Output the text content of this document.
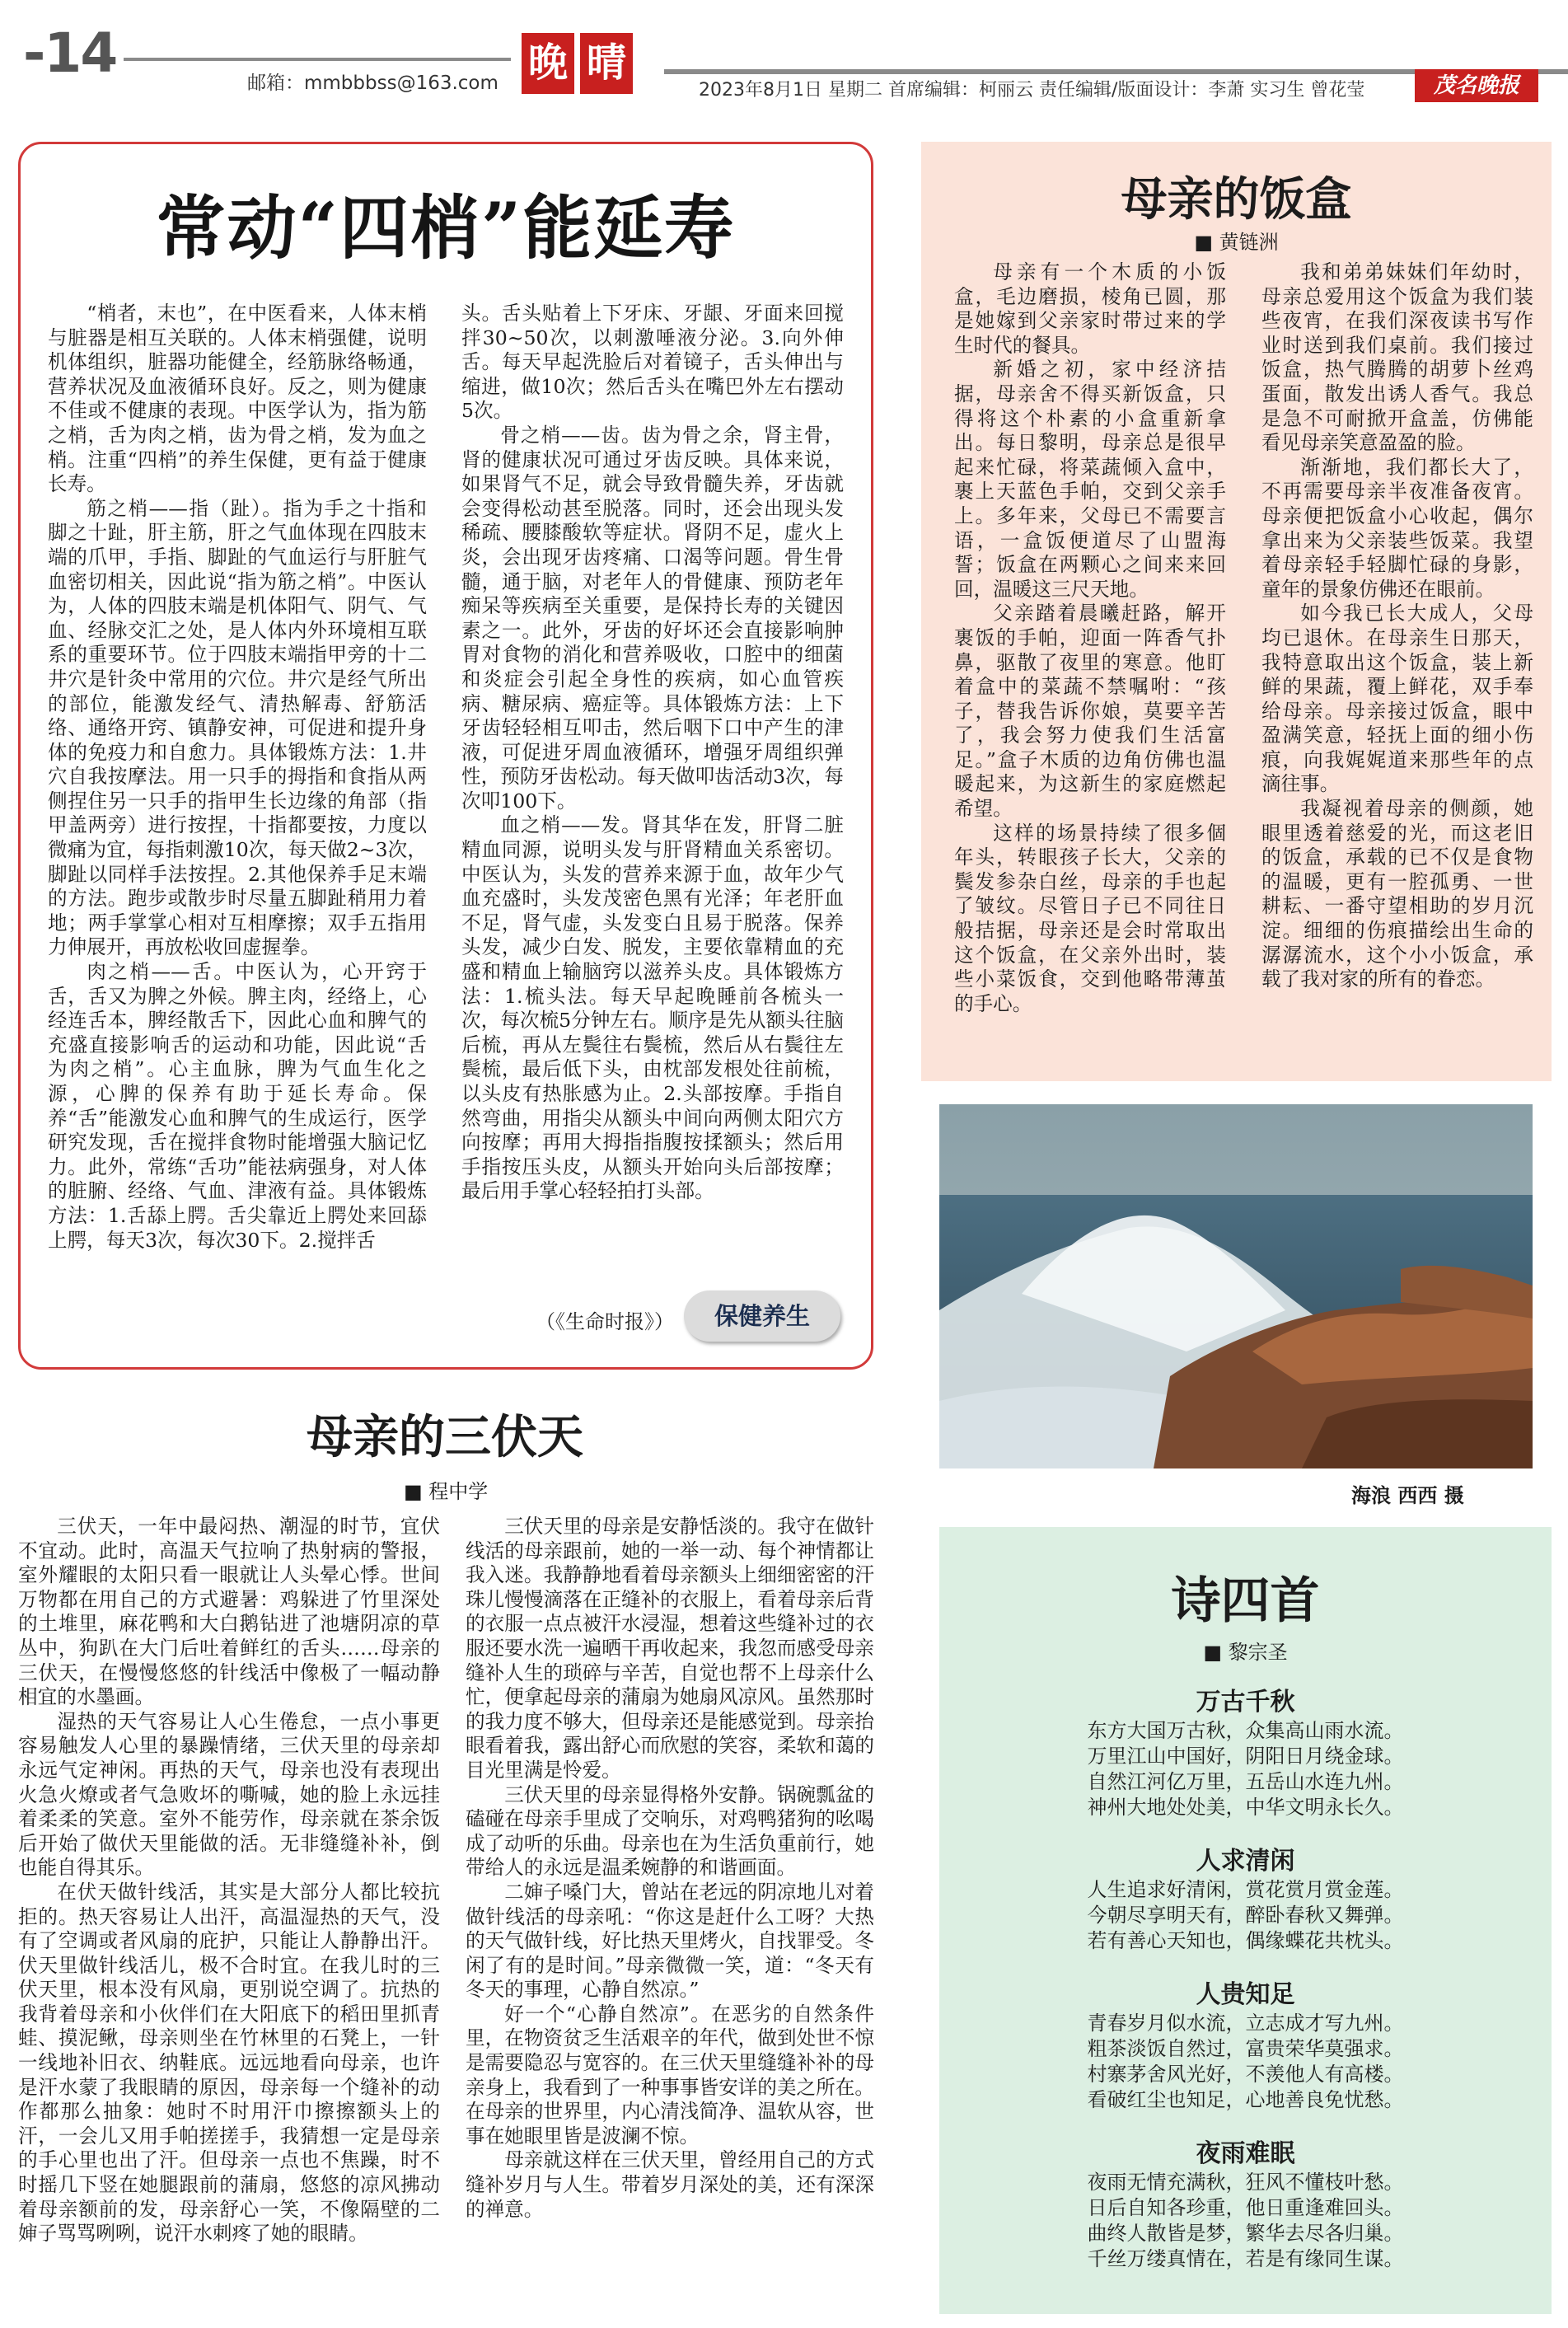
-14	邮箱：mmbbbss@163.com 晚 晴
2023年8月1日 星期二 首席编辑：柯丽云 责任编辑/版面设计：李萧 实习生 曾花莹	茂名晚报
常动“四梢”能延寿

“梢者，末也”，在中医看来，人体末梢与脏器是相互关联的。人体末梢强健，说明机体组织，脏器功能健全，经筋脉络畅通，营养状况及血液循环良好。反之，则为健康不佳或不健康的表现。中医学认为，指为筋之梢，舌为肉之梢，齿为骨之梢，发为血之梢。注重“四梢”的养生保健，更有益于健康长寿。

筋之梢——指（趾）。指为手之十指和脚之十趾，肝主筋，肝之气血体现在四肢末端的爪甲，手指、脚趾的气血运行与肝脏气血密切相关，因此说“指为筋之梢”。中医认为，人体的四肢末端是机体阳气、阴气、气血、经脉交汇之处，是人体内外环境相互联系的重要环节。位于四肢末端指甲旁的十二井穴是针灸中常用的穴位。井穴是经气所出的部位，能激发经气、清热解毒、舒筋活络、通络开窍、镇静安神，可促进和提升身体的免疫力和自愈力。具体锻炼方法：1.井穴自我按摩法。用一只手的拇指和食指从两侧捏住另一只手的指甲生长边缘的角部（指甲盖两旁）进行按捏，十指都要按，力度以微痛为宜，每指刺激10次，每天做2~3次，脚趾以同样手法按捏。2.其他保养手足末端的方法。跑步或散步时尽量五脚趾稍用力着地；两手掌掌心相对互相摩擦；双手五指用力伸展开，再放松收回虚握拳。

肉之梢——舌。中医认为，心开窍于舌，舌又为脾之外候。脾主肉，经络上，心经连舌本，脾经散舌下，因此心血和脾气的充盛直接影响舌的运动和功能，因此说“舌为肉之梢”。心主血脉，脾为气血生化之源，心脾的保养有助于延长寿命。保养“舌”能激发心血和脾气的生成运行，医学研究发现，舌在搅拌食物时能增强大脑记忆力。此外，常练“舌功”能祛病强身，对人体的脏腑、经络、气血、津液有益。具体锻炼方法：1.舌舔上腭。舌尖靠近上腭处来回舔上腭，每天3次，每次30下。2.搅拌舌

头。舌头贴着上下牙床、牙龈、牙面来回搅拌30~50次，以刺激唾液分泌。3.向外伸舌。每天早起洗脸后对着镜子，舌头伸出与缩进，做10次；然后舌头在嘴巴外左右摆动5次。

骨之梢——齿。齿为骨之余，肾主骨，肾的健康状况可通过牙齿反映。具体来说，如果肾气不足，就会导致骨髓失养，牙齿就会变得松动甚至脱落。同时，还会出现头发稀疏、腰膝酸软等症状。肾阴不足，虚火上炎，会出现牙齿疼痛、口渴等问题。骨生骨髓，通于脑，对老年人的骨健康、预防老年痴呆等疾病至关重要，是保持长寿的关键因素之一。此外，牙齿的好坏还会直接影响肿胃对食物的消化和营养吸收，口腔中的细菌和炎症会引起全身性的疾病，如心血管疾病、糖尿病、癌症等。具体锻炼方法：上下牙齿轻轻相互叩击，然后咽下口中产生的津液，可促进牙周血液循环，增强牙周组织弹性，预防牙齿松动。每天做叩齿活动3次，每次叩100下。

血之梢——发。肾其华在发，肝肾二脏精血同源，说明头发与肝肾精血关系密切。中医认为，头发的营养来源于血，故年少气血充盛时，头发茂密色黑有光泽；年老肝血不足，肾气虚，头发变白且易于脱落。保养头发，减少白发、脱发，主要依靠精血的充盛和精血上输脑窍以滋养头皮。具体锻炼方法：1.梳头法。每天早起晚睡前各梳头一次，每次梳5分钟左右。顺序是先从额头往脑后梳，再从左鬓往右鬓梳，然后从右鬓往左鬓梳，最后低下头，由枕部发根处往前梳，以头皮有热胀感为止。2.头部按摩。手指自然弯曲，用指尖从额头中间向两侧太阳穴方向按摩；再用大拇指指腹按揉额头；然后用手指按压头皮，从额头开始向头后部按摩；最后用手掌心轻轻拍打头部。

（《生命时报》）	保健养生
母亲的饭盒
■ 黄链洲

母亲有一个木质的小饭盒，毛边磨损，棱角已圆，那是她嫁到父亲家时带过来的学生时代的餐具。

新婚之初，家中经济拮据，母亲舍不得买新饭盒，只得将这个朴素的小盒重新拿出。每日黎明，母亲总是很早起来忙碌，将菜蔬倾入盒中，裹上天蓝色手帕，交到父亲手上。多年来，父母已不需要言语，一盒饭便道尽了山盟海誓；饭盒在两颗心之间来来回回，温暖这三尺天地。

父亲踏着晨曦赶路，解开裹饭的手帕，迎面一阵香气扑鼻，驱散了夜里的寒意。他盯着盒中的菜蔬不禁嘱咐：“孩子，替我告诉你娘，莫要辛苦了，我会努力使我们生活富足。”盒子木质的边角仿佛也温暖起来，为这新生的家庭燃起希望。

这样的场景持续了很多個年头，转眼孩子长大，父亲的鬓发参杂白丝，母亲的手也起了皱纹。尽管日子已不同往日般拮据，母亲还是会时常取出这个饭盒，在父亲外出时，装些小菜饭食，交到他略带薄茧的手心。

我和弟弟妹妹们年幼时，母亲总爱用这个饭盒为我们装些夜宵，在我们深夜读书写作业时送到我们桌前。我们接过饭盒，热气腾腾的胡萝卜丝鸡蛋面，散发出诱人香气。我总是急不可耐掀开盒盖，仿佛能看见母亲笑意盈盈的脸。

渐渐地，我们都长大了，不再需要母亲半夜准备夜宵。母亲便把饭盒小心收起，偶尔拿出来为父亲装些饭菜。我望着母亲轻手轻脚忙碌的身影，童年的景象仿佛还在眼前。

如今我已长大成人，父母均已退休。在母亲生日那天，我特意取出这个饭盒，装上新鲜的果蔬，覆上鲜花，双手奉给母亲。母亲接过饭盒，眼中盈满笑意，轻抚上面的细小伤痕，向我娓娓道来那些年的点滴往事。

我凝视着母亲的侧颜，她眼里透着慈爱的光，而这老旧的饭盒，承载的已不仅是食物的温暖，更有一腔孤勇、一世耕耘、一番守望相助的岁月沉淀。细细的伤痕描绘出生命的潺潺流水，这个小小饭盒，承载了我对家的所有的眷恋。

海浪 西西 摄
母亲的三伏天
■ 程中学

三伏天，一年中最闷热、潮湿的时节，宜伏不宜动。此时，高温天气拉响了热射病的警报，室外耀眼的太阳只看一眼就让人头晕心悸。世间万物都在用自己的方式避暑：鸡躲进了竹里深处的土堆里，麻花鸭和大白鹅钻进了池塘阴凉的草丛中，狗趴在大门后吐着鲜红的舌头……母亲的三伏天，在慢慢悠悠的针线活中像极了一幅动静相宜的水墨画。

湿热的天气容易让人心生倦怠，一点小事更容易触发人心里的暴躁情绪，三伏天里的母亲却永远气定神闲。再热的天气，母亲也没有表现出火急火燎或者气急败坏的嘶喊，她的脸上永远挂着柔柔的笑意。室外不能劳作，母亲就在茶余饭后开始了做伏天里能做的活。无非缝缝补补，倒也能自得其乐。

在伏天做针线活，其实是大部分人都比较抗拒的。热天容易让人出汗，高温湿热的天气，没有了空调或者风扇的庇护，只能让人静静出汗。伏天里做针线活儿，极不合时宜。在我儿时的三伏天里，根本没有风扇，更别说空调了。抗热的我背着母亲和小伙伴们在大阳底下的稻田里抓青蛙、摸泥鳅，母亲则坐在竹林里的石凳上，一针一线地补旧衣、纳鞋底。远远地看向母亲，也许是汗水蒙了我眼睛的原因，母亲每一个缝补的动作都那么抽象：她时不时用汗巾擦擦额头上的汗，一会儿又用手帕搓搓手，我猜想一定是母亲的手心里也出了汗。但母亲一点也不焦躁，时不时摇几下竖在她腿跟前的蒲扇，悠悠的凉风拂动着母亲额前的发，母亲舒心一笑，不像隔壁的二婶子骂骂咧咧，说汗水刺疼了她的眼睛。

三伏天里的母亲是安静恬淡的。我守在做针线活的母亲跟前，她的一举一动、每个神情都让我入迷。我静静地看着母亲额头上细细密密的汗珠儿慢慢滴落在正缝补的衣服上，看着母亲后背的衣服一点点被汗水浸湿，想着这些缝补过的衣服还要水洗一遍晒干再收起来，我忽而感受母亲缝补人生的琐碎与辛苦，自觉也帮不上母亲什么忙，便拿起母亲的蒲扇为她扇风凉风。虽然那时的我力度不够大，但母亲还是能感觉到。母亲抬眼看着我，露出舒心而欣慰的笑容，柔软和蔼的目光里满是怜爱。

三伏天里的母亲显得格外安静。锅碗瓢盆的磕碰在母亲手里成了交响乐，对鸡鸭猪狗的吆喝成了动听的乐曲。母亲也在为生活负重前行，她带给人的永远是温柔婉静的和谐画面。

二婶子嗓门大，曾站在老远的阴凉地儿对着做针线活的母亲吼：“你这是赶什么工呀？大热的天气做针线，好比热天里烤火，自找罪受。冬闲了有的是时间。”母亲微微一笑，道：“冬天有冬天的事理，心静自然凉。”

好一个“心静自然凉”。在恶劣的自然条件里，在物资贫乏生活艰辛的年代，做到处世不惊是需要隐忍与宽容的。在三伏天里缝缝补补的母亲身上，我看到了一种事事皆安详的美之所在。在母亲的世界里，内心清浅简净、温软从容，世事在她眼里皆是波澜不惊。

母亲就这样在三伏天里，曾经用自己的方式缝补岁月与人生。带着岁月深处的美，还有深深的禅意。

诗四首
■ 黎宗圣
万古千秋
东方大国万古秋，众集高山雨水流。
万里江山中国好，阴阳日月绕金球。
自然江河亿万里，五岳山水连九州。
神州大地处处美，中华文明永长久。
人求清闲
人生追求好清闲，赏花赏月赏金莲。
今朝尽享明天有，醉卧春秋又舞弹。
若有善心天知也，偶缘蝶花共枕头。
人贵知足
青春岁月似水流，立志成才写九州。
粗茶淡饭自然过，富贵荣华莫强求。
村寨茅舍风光好，不羡他人有高楼。
看破红尘也知足，心地善良免忧愁。
夜雨难眠
夜雨无情充满秋，狂风不懂枝叶愁。
日后自知各珍重，他日重逢难回头。
曲终人散皆是梦，繁华去尽各归巢。
千丝万缕真情在，若是有缘同生谋。
